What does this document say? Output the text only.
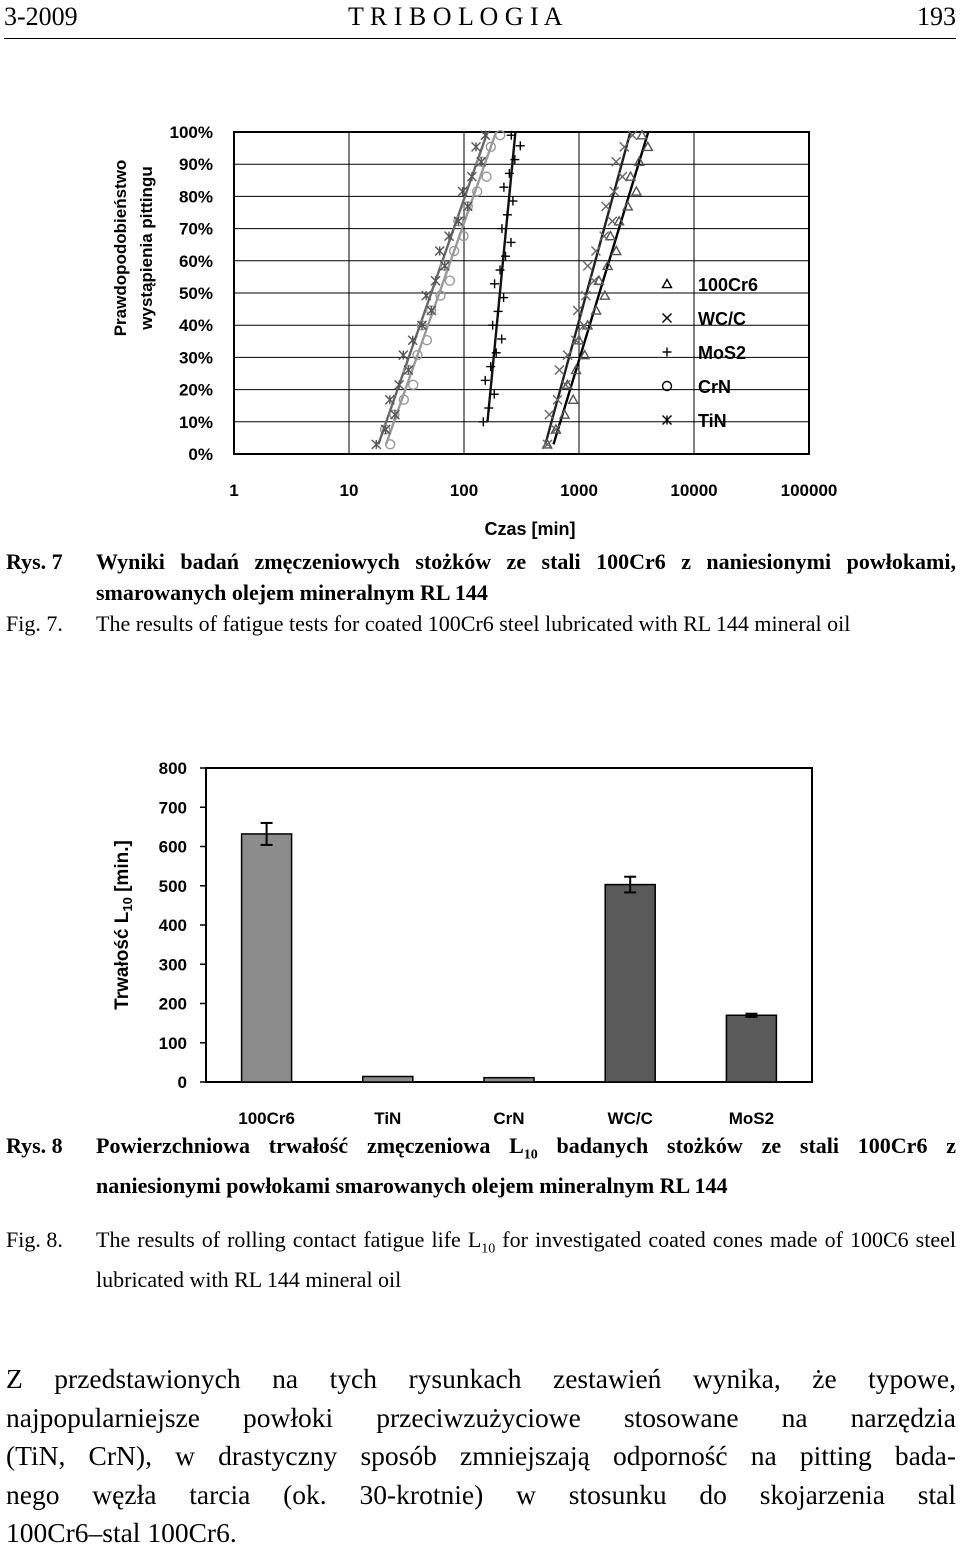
3-2009	T R I B O L O G I A	193
1	10	100	1000	10000	100000
0%
10%
20%
30%
40%
50%
60%
70%
80%
90%
100%
100Cr6
WC/C
MoS2
CrN
TiN
Czas [min]
Prawdopodobieństwo wystąpienia pittingu
Rys. 7 Wyniki badań zmęczeniowych stożków ze stali 100Cr6 z naniesionymi powłokami, smarowanych olejem mineralnym RL 144
Fig. 7. The results of fatigue tests for coated 100Cr6 steel lubricated with RL 144 mineral oil
0
100
200
300
400
500
600
700
800
100Cr6	TiN	CrN	WC/C	MoS2
Trwałość $L_{10}$ [min.]
Rys. 8 Powierzchniowa trwałość zmęczeniowa $L_{10}$ badanych stożków ze stali 100Cr6 z naniesionymi powłokami smarowanych olejem mineralnym RL 144
Fig. 8. The results of rolling contact fatigue life $L_{10}$ for investigated coated cones made of 100C6 steel lubricated with RL 144 mineral oil
Z przedstawionych na tych rysunkach zestawień wynika, że typowe,
najpopularniejsze powłoki przeciwzużyciowe stosowane na narzędzia
(TiN, CrN), w drastyczny sposób zmniejszają odporność na pitting bada-
nego węzła tarcia (ok. 30-krotnie) w stosunku do skojarzenia stal
100Cr6–stal 100Cr6.
